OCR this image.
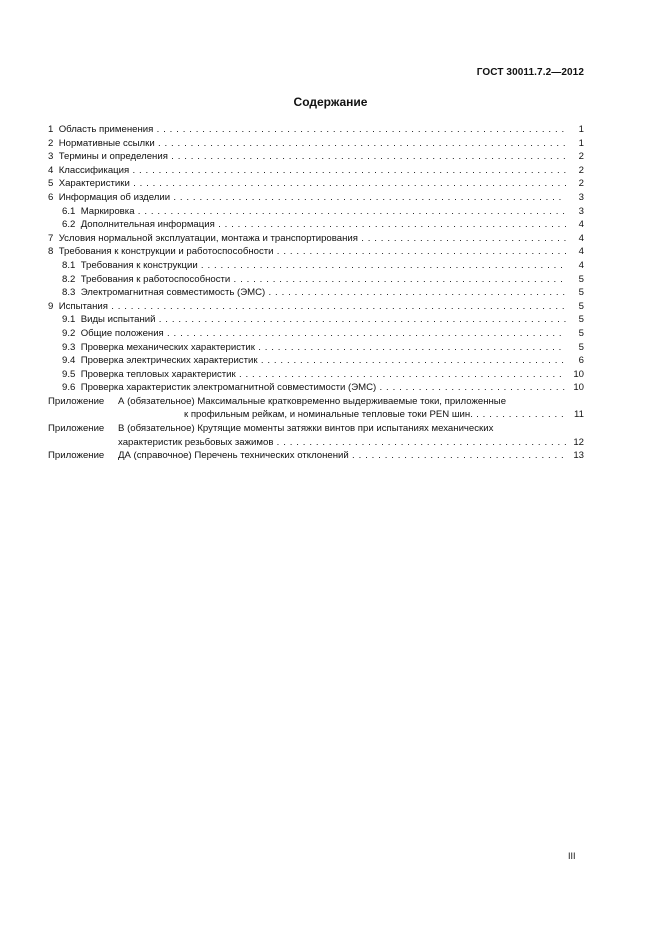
ГОСТ 30011.7.2—2012
Содержание
1 Область применения . . .	1
2 Нормативные ссылки . . .	1
3 Термины и определения . . .	2
4 Классификация . . .	2
5 Характеристики . . .	2
6 Информация об изделии . . .	3
6.1 Маркировка . . .	3
6.2 Дополнительная информация . . .	4
7 Условия нормальной эксплуатации, монтажа и транспортирования . . .	4
8 Требования к конструкции и работоспособности . . .	4
8.1 Требования к конструкции . . .	4
8.2 Требования к работоспособности . . .	5
8.3 Электромагнитная совместимость (ЭМС) . . .	5
9 Испытания . . .	5
9.1 Виды испытаний . . .	5
9.2 Общие положения . . .	5
9.3 Проверка механических характеристик . . .	5
9.4 Проверка электрических характеристик . . .	6
9.5 Проверка тепловых характеристик . . .	10
9.6 Проверка характеристик электромагнитной совместимости (ЭМС) . . .	10
Приложение А (обязательное) Максимальные кратковременно выдерживаемые токи, приложенные
к профильным рейкам, и номинальные тепловые токи PEN шин. . . .	11
Приложение В (обязательное) Крутящие моменты затяжки винтов при испытаниях механических
характеристик резьбовых зажимов . . .	12
Приложение ДА (справочное) Перечень технических отклонений . . .	13
III
